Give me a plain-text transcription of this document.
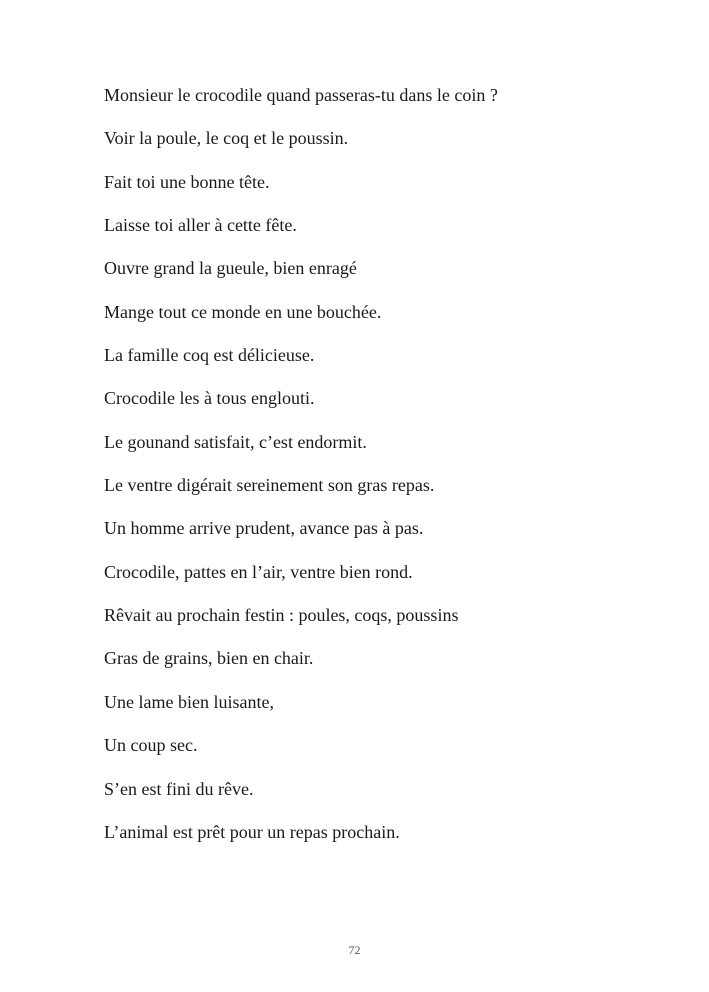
Monsieur le crocodile quand passeras-tu dans le coin ?
Voir la poule, le coq et le poussin.
Fait toi une bonne tête.
Laisse toi aller à cette fête.
Ouvre grand la gueule, bien enragé
Mange tout ce monde en une bouchée.
La famille coq est délicieuse.
Crocodile les à tous englouti.
Le gounand satisfait, c’est endormit.
Le ventre digérait sereinement son gras repas.
Un homme arrive prudent, avance pas à pas.
Crocodile, pattes en l’air, ventre bien rond.
Rêvait au prochain festin : poules, coqs, poussins
Gras de grains, bien en chair.
Une lame bien luisante,
Un coup sec.
S’en est fini du rêve.
L’animal est prêt pour un repas prochain.
72
